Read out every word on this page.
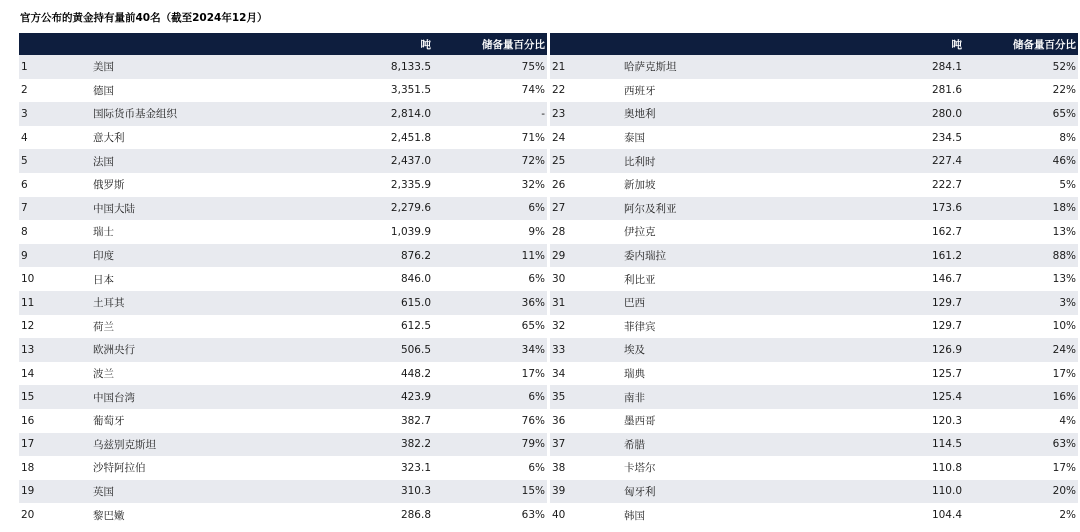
官方公布的黄金持有量前40名（截至2024年12月）
		吨	储备量百分比
1	美国	8,133.5	75%
2	德国	3,351.5	74%
3	国际货币基金组织	2,814.0	-
4	意大利	2,451.8	71%
5	法国	2,437.0	72%
6	俄罗斯	2,335.9	32%
7	中国大陆	2,279.6	6%
8	瑞士	1,039.9	9%
9	印度	876.2	11%
10	日本	846.0	6%
11	土耳其	615.0	36%
12	荷兰	612.5	65%
13	欧洲央行	506.5	34%
14	波兰	448.2	17%
15	中国台湾	423.9	6%
16	葡萄牙	382.7	76%
17	乌兹别克斯坦	382.2	79%
18	沙特阿拉伯	323.1	6%
19	英国	310.3	15%
20	黎巴嫩	286.8	63%
		吨	储备量百分比
21	哈萨克斯坦	284.1	52%
22	西班牙	281.6	22%
23	奥地利	280.0	65%
24	泰国	234.5	8%
25	比利时	227.4	46%
26	新加坡	222.7	5%
27	阿尔及利亚	173.6	18%
28	伊拉克	162.7	13%
29	委内瑞拉	161.2	88%
30	利比亚	146.7	13%
31	巴西	129.7	3%
32	菲律宾	129.7	10%
33	埃及	126.9	24%
34	瑞典	125.7	17%
35	南非	125.4	16%
36	墨西哥	120.3	4%
37	希腊	114.5	63%
38	卡塔尔	110.8	17%
39	匈牙利	110.0	20%
40	韩国	104.4	2%
